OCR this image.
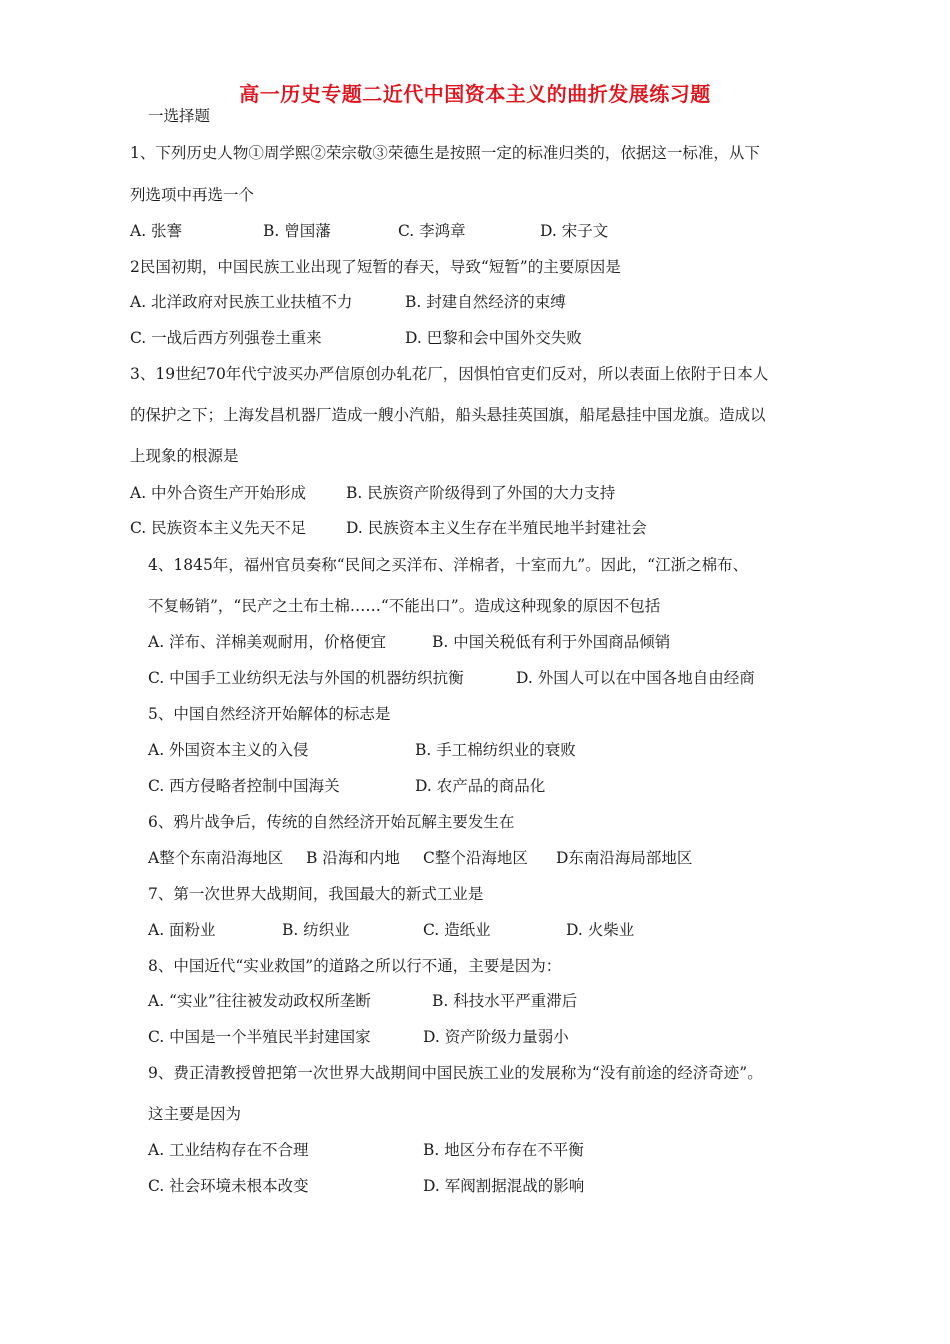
高一历史专题二近代中国资本主义的曲折发展练习题
一选择题
1、下列历史人物①周学熙②荣宗敬③荣德生是按照一定的标准归类的，依据这一标准，从下
列选项中再选一个
A. 张謇	B. 曾国藩	C. 李鸿章	D. 宋子文
2民国初期，中国民族工业出现了短暂的春天，导致“短暂”的主要原因是
A. 北洋政府对民族工业扶植不力	B. 封建自然经济的束缚
C. 一战后西方列强卷土重来	D. 巴黎和会中国外交失败
3、19世纪70年代宁波买办严信原创办轧花厂，因惧怕官吏们反对，所以表面上依附于日本人
的保护之下；上海发昌机器厂造成一艘小汽船，船头悬挂英国旗，船尾悬挂中国龙旗。造成以
上现象的根源是
A. 中外合资生产开始形成	B. 民族资产阶级得到了外国的大力支持
C. 民族资本主义先天不足	D. 民族资本主义生存在半殖民地半封建社会
4、1845年，福州官员奏称“民间之买洋布、洋棉者，十室而九”。因此，“江浙之棉布、
不复畅销”，“民产之土布土棉……“不能出口”。造成这种现象的原因不包括
A. 洋布、洋棉美观耐用，价格便宜	B. 中国关税低有利于外国商品倾销
C. 中国手工业纺织无法与外国的机器纺织抗衡	D. 外国人可以在中国各地自由经商
5、中国自然经济开始解体的标志是
A. 外国资本主义的入侵	B. 手工棉纺织业的衰败
C. 西方侵略者控制中国海关	D. 农产品的商品化
6、鸦片战争后，传统的自然经济开始瓦解主要发生在
A整个东南沿海地区 B 沿海和内地 C整个沿海地区 D东南沿海局部地区
7、第一次世界大战期间，我国最大的新式工业是
A. 面粉业	B. 纺织业	C. 造纸业	D. 火柴业
8、中国近代“实业救国”的道路之所以行不通，主要是因为：
A. “实业”往往被发动政权所垄断	B. 科技水平严重滞后
C. 中国是一个半殖民半封建国家	D. 资产阶级力量弱小
9、费正清教授曾把第一次世界大战期间中国民族工业的发展称为“没有前途的经济奇迹”。
这主要是因为
A. 工业结构存在不合理	B. 地区分布存在不平衡
C. 社会环境未根本改变	D. 军阀割据混战的影响
